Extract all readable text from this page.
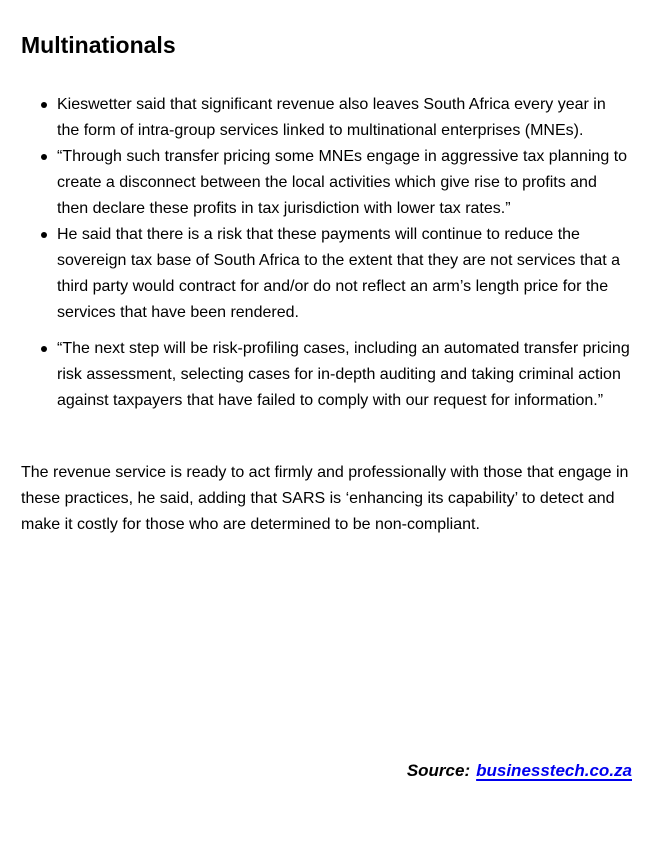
Multinationals
Kieswetter said that significant revenue also leaves South Africa every year in the form of intra-group services linked to multinational enterprises (MNEs).
“Through such transfer pricing some MNEs engage in aggressive tax planning to create a disconnect between the local activities which give rise to profits and then declare these profits in tax jurisdiction with lower tax rates.”
He said that there is a risk that these payments will continue to reduce the sovereign tax base of South Africa to the extent that they are not services that a third party would contract for and/or do not reflect an arm’s length price for the services that have been rendered.
“The next step will be risk-profiling cases, including an automated transfer pricing risk assessment, selecting cases for in-depth auditing and taking criminal action against taxpayers that have failed to comply with our request for information.”

The revenue service is ready to act firmly and professionally with those that engage in these practices, he said, adding that SARS is ‘enhancing its capability’ to detect and make it costly for those who are determined to be non-compliant.

Source: businesstech.co.za
